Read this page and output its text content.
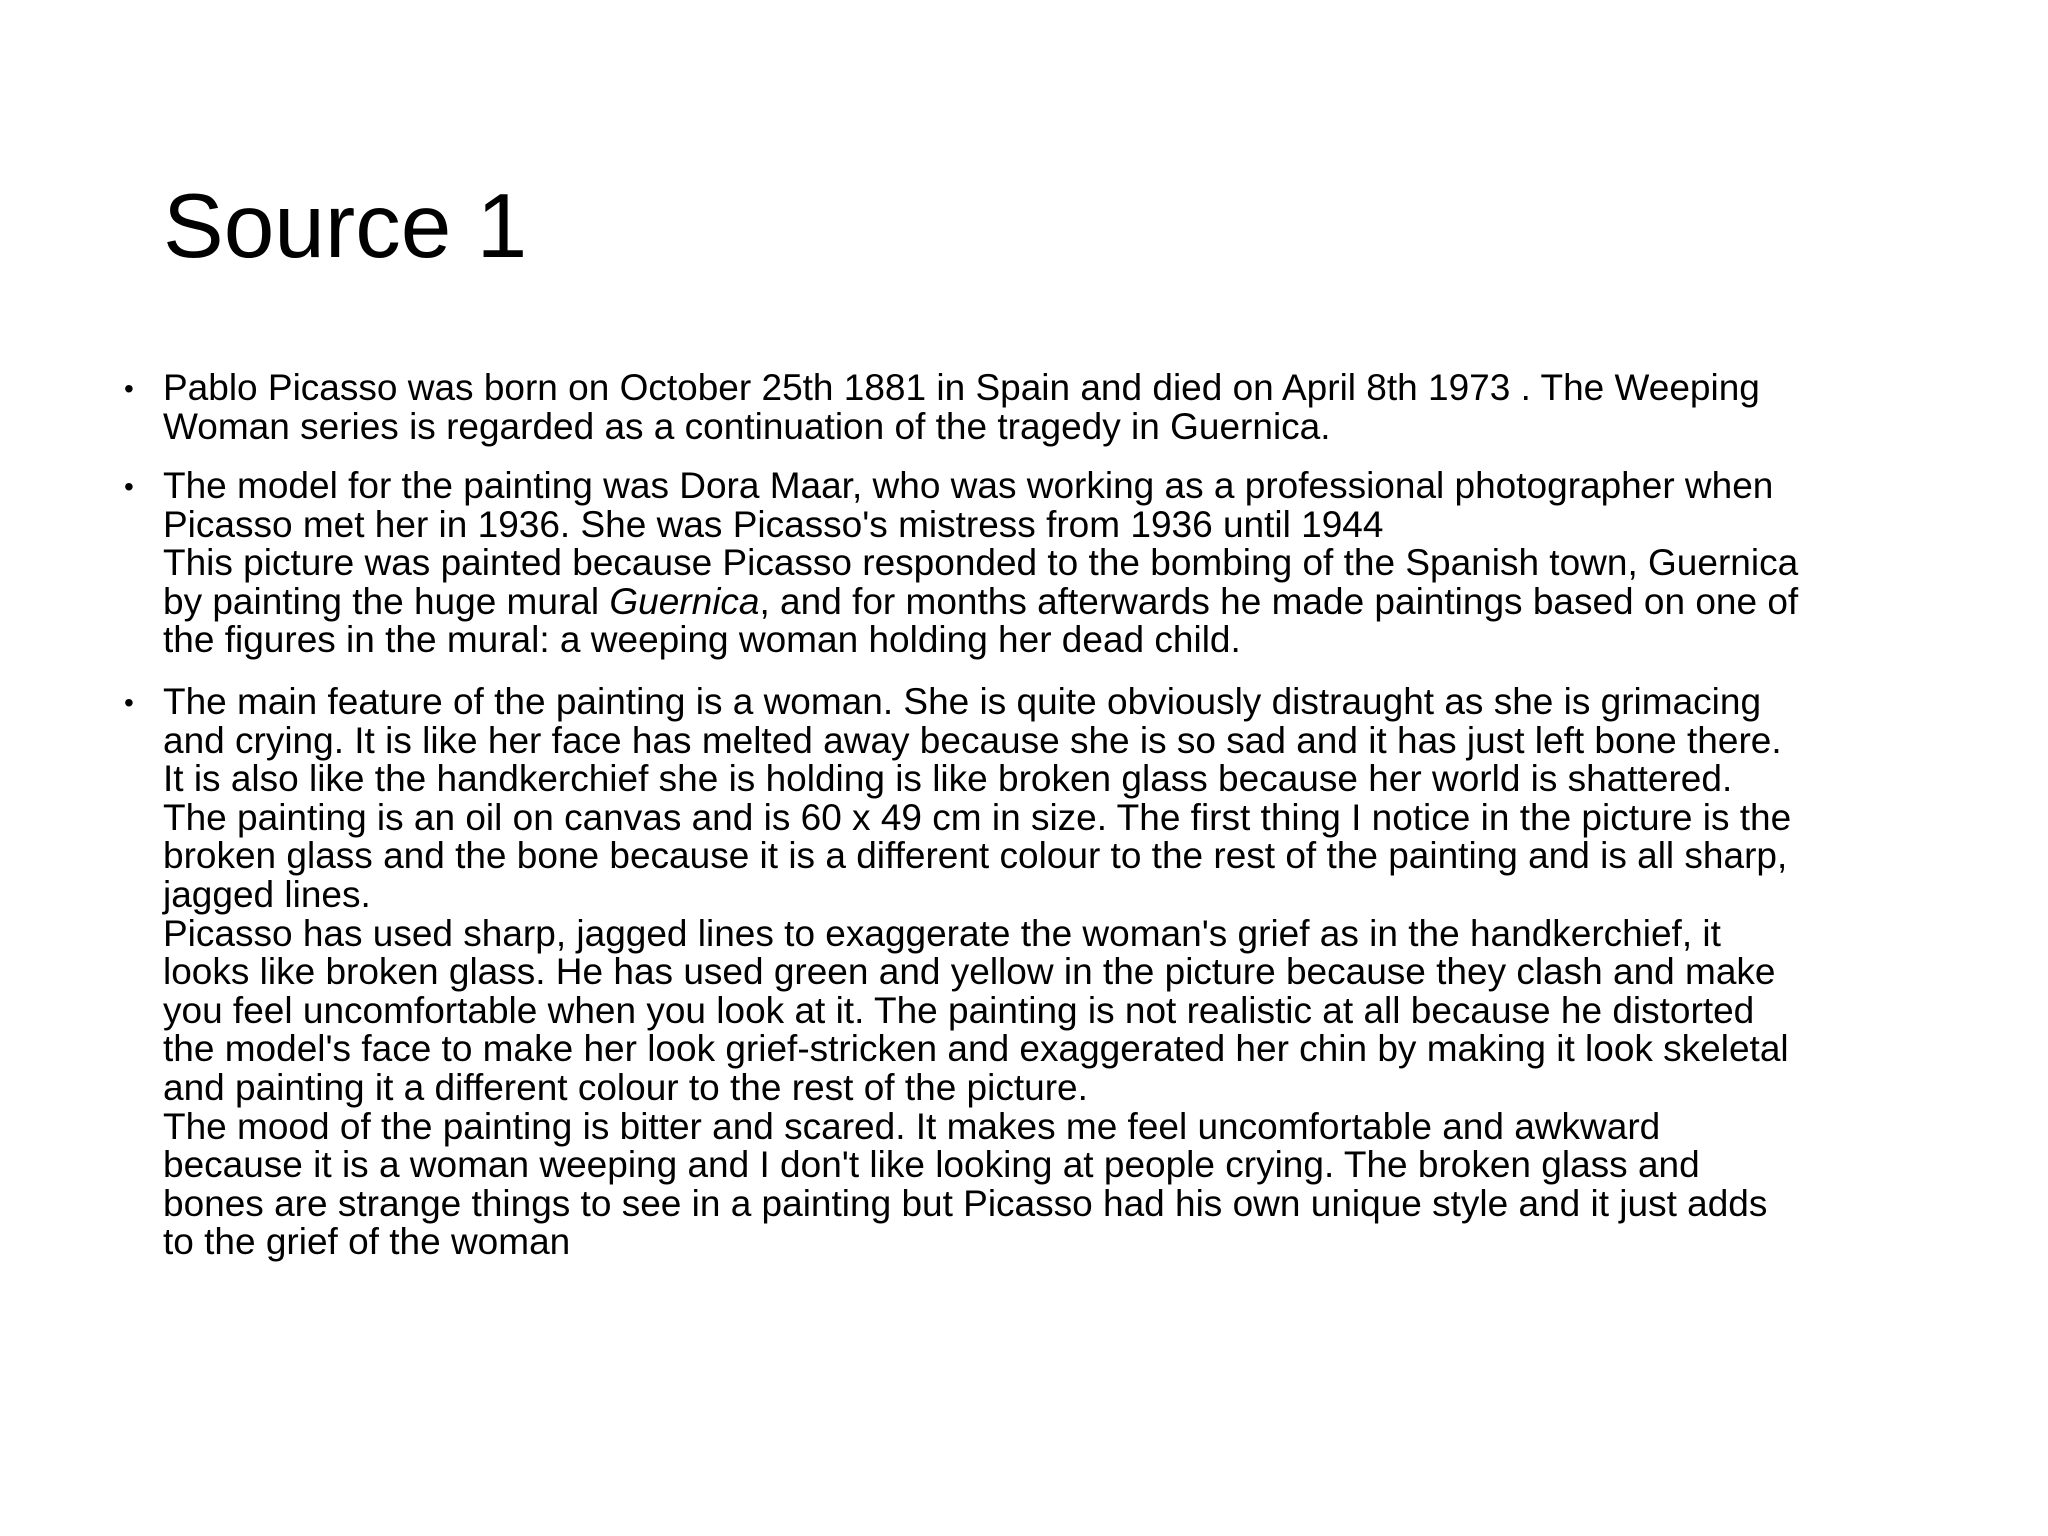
Source 1
• Pablo Picasso was born on October 25th 1881 in Spain and died on April 8th 1973 . The Weeping
Woman series is regarded as a continuation of the tragedy in Guernica.
• The model for the painting was Dora Maar, who was working as a professional photographer when
Picasso met her in 1936. She was Picasso's mistress from 1936 until 1944
This picture was painted because Picasso responded to the bombing of the Spanish town, Guernica
by painting the huge mural Guernica, and for months afterwards he made paintings based on one of
the figures in the mural: a weeping woman holding her dead child.
• The main feature of the painting is a woman. She is quite obviously distraught as she is grimacing
and crying. It is like her face has melted away because she is so sad and it has just left bone there.
It is also like the handkerchief she is holding is like broken glass because her world is shattered.
The painting is an oil on canvas and is 60 x 49 cm in size. The first thing I notice in the picture is the
broken glass and the bone because it is a different colour to the rest of the painting and is all sharp,
jagged lines.
Picasso has used sharp, jagged lines to exaggerate the woman's grief as in the handkerchief, it
looks like broken glass. He has used green and yellow in the picture because they clash and make
you feel uncomfortable when you look at it. The painting is not realistic at all because he distorted
the model's face to make her look grief-stricken and exaggerated her chin by making it look skeletal
and painting it a different colour to the rest of the picture.
The mood of the painting is bitter and scared. It makes me feel uncomfortable and awkward
because it is a woman weeping and I don't like looking at people crying. The broken glass and
bones are strange things to see in a painting but Picasso had his own unique style and it just adds
to the grief of the woman
